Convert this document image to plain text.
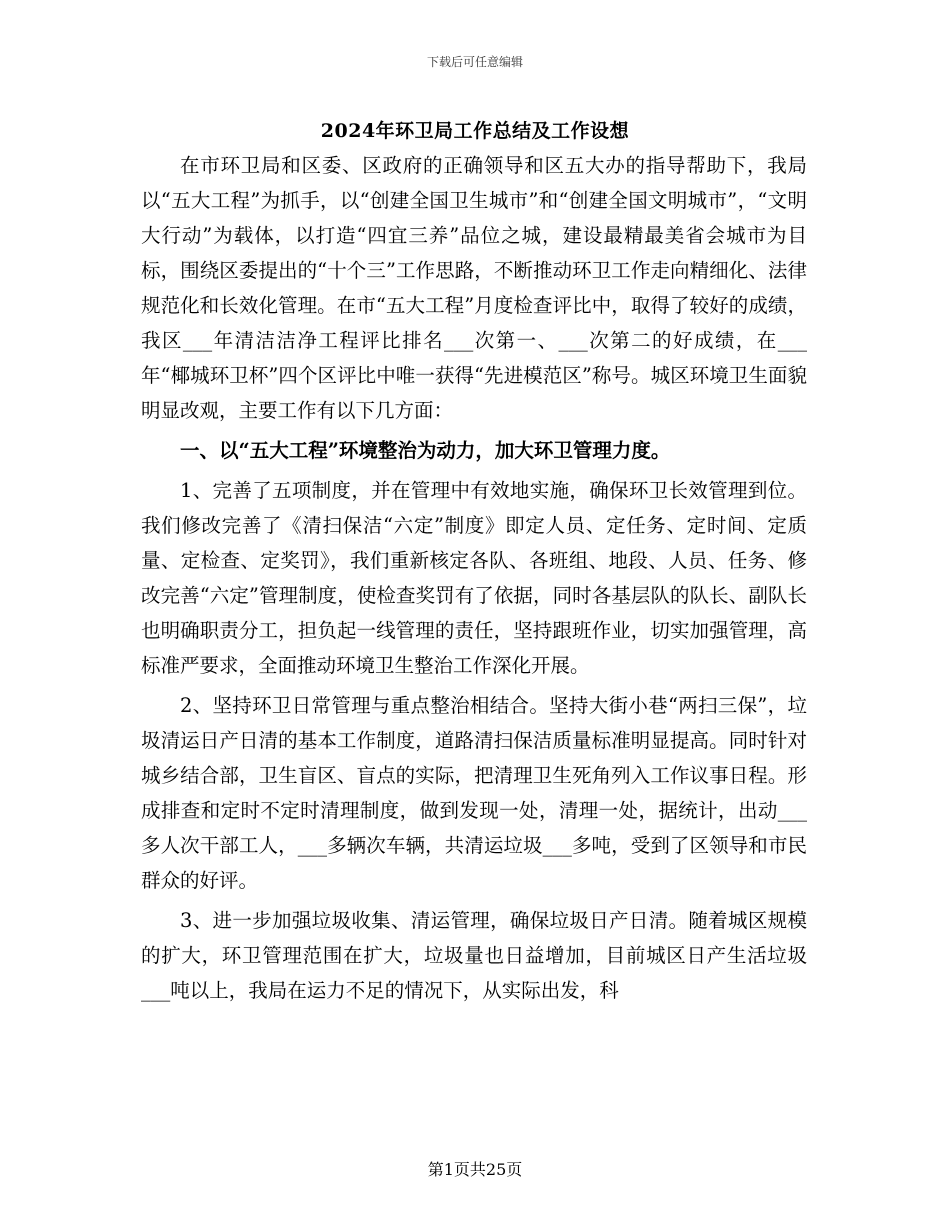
下载后可任意编辑
2024年环卫局工作总结及工作设想

在市环卫局和区委、区政府的正确领导和区五大办的指导帮助下，我局以“五大工程”为抓手，以“创建全国卫生城市”和“创建全国文明城市”，“文明大行动”为载体，以打造“四宜三养”品位之城，建设最精最美省会城市为目标，围绕区委提出的“十个三”工作思路，不断推动环卫工作走向精细化、法律规范化和长效化管理。在市“五大工程”月度检查评比中，取得了较好的成绩，我区___年清洁洁净工程评比排名___次第一、___次第二的好成绩，在___年“椰城环卫杯”四个区评比中唯一获得“先进模范区”称号。城区环境卫生面貌明显改观，主要工作有以下几方面：

一、以“五大工程”环境整治为动力，加大环卫管理力度。

1、完善了五项制度，并在管理中有效地实施，确保环卫长效管理到位。我们修改完善了《清扫保洁“六定”制度》即定人员、定任务、定时间、定质量、定检查、定奖罚》，我们重新核定各队、各班组、地段、人员、任务、修改完善“六定”管理制度，使检查奖罚有了依据，同时各基层队的队长、副队长也明确职责分工，担负起一线管理的责任，坚持跟班作业，切实加强管理，高标准严要求，全面推动环境卫生整治工作深化开展。

2、坚持环卫日常管理与重点整治相结合。坚持大街小巷“两扫三保”，垃圾清运日产日清的基本工作制度，道路清扫保洁质量标准明显提高。同时针对城乡结合部，卫生盲区、盲点的实际，把清理卫生死角列入工作议事日程。形成排查和定时不定时清理制度，做到发现一处，清理一处，据统计，出动___多人次干部工人，___多辆次车辆，共清运垃圾___多吨，受到了区领导和市民群众的好评。

3、进一步加强垃圾收集、清运管理，确保垃圾日产日清。随着城区规模的扩大，环卫管理范围在扩大，垃圾量也日益增加，目前城区日产生活垃圾___吨以上，我局在运力不足的情况下，从实际出发，科

第1页共25页
